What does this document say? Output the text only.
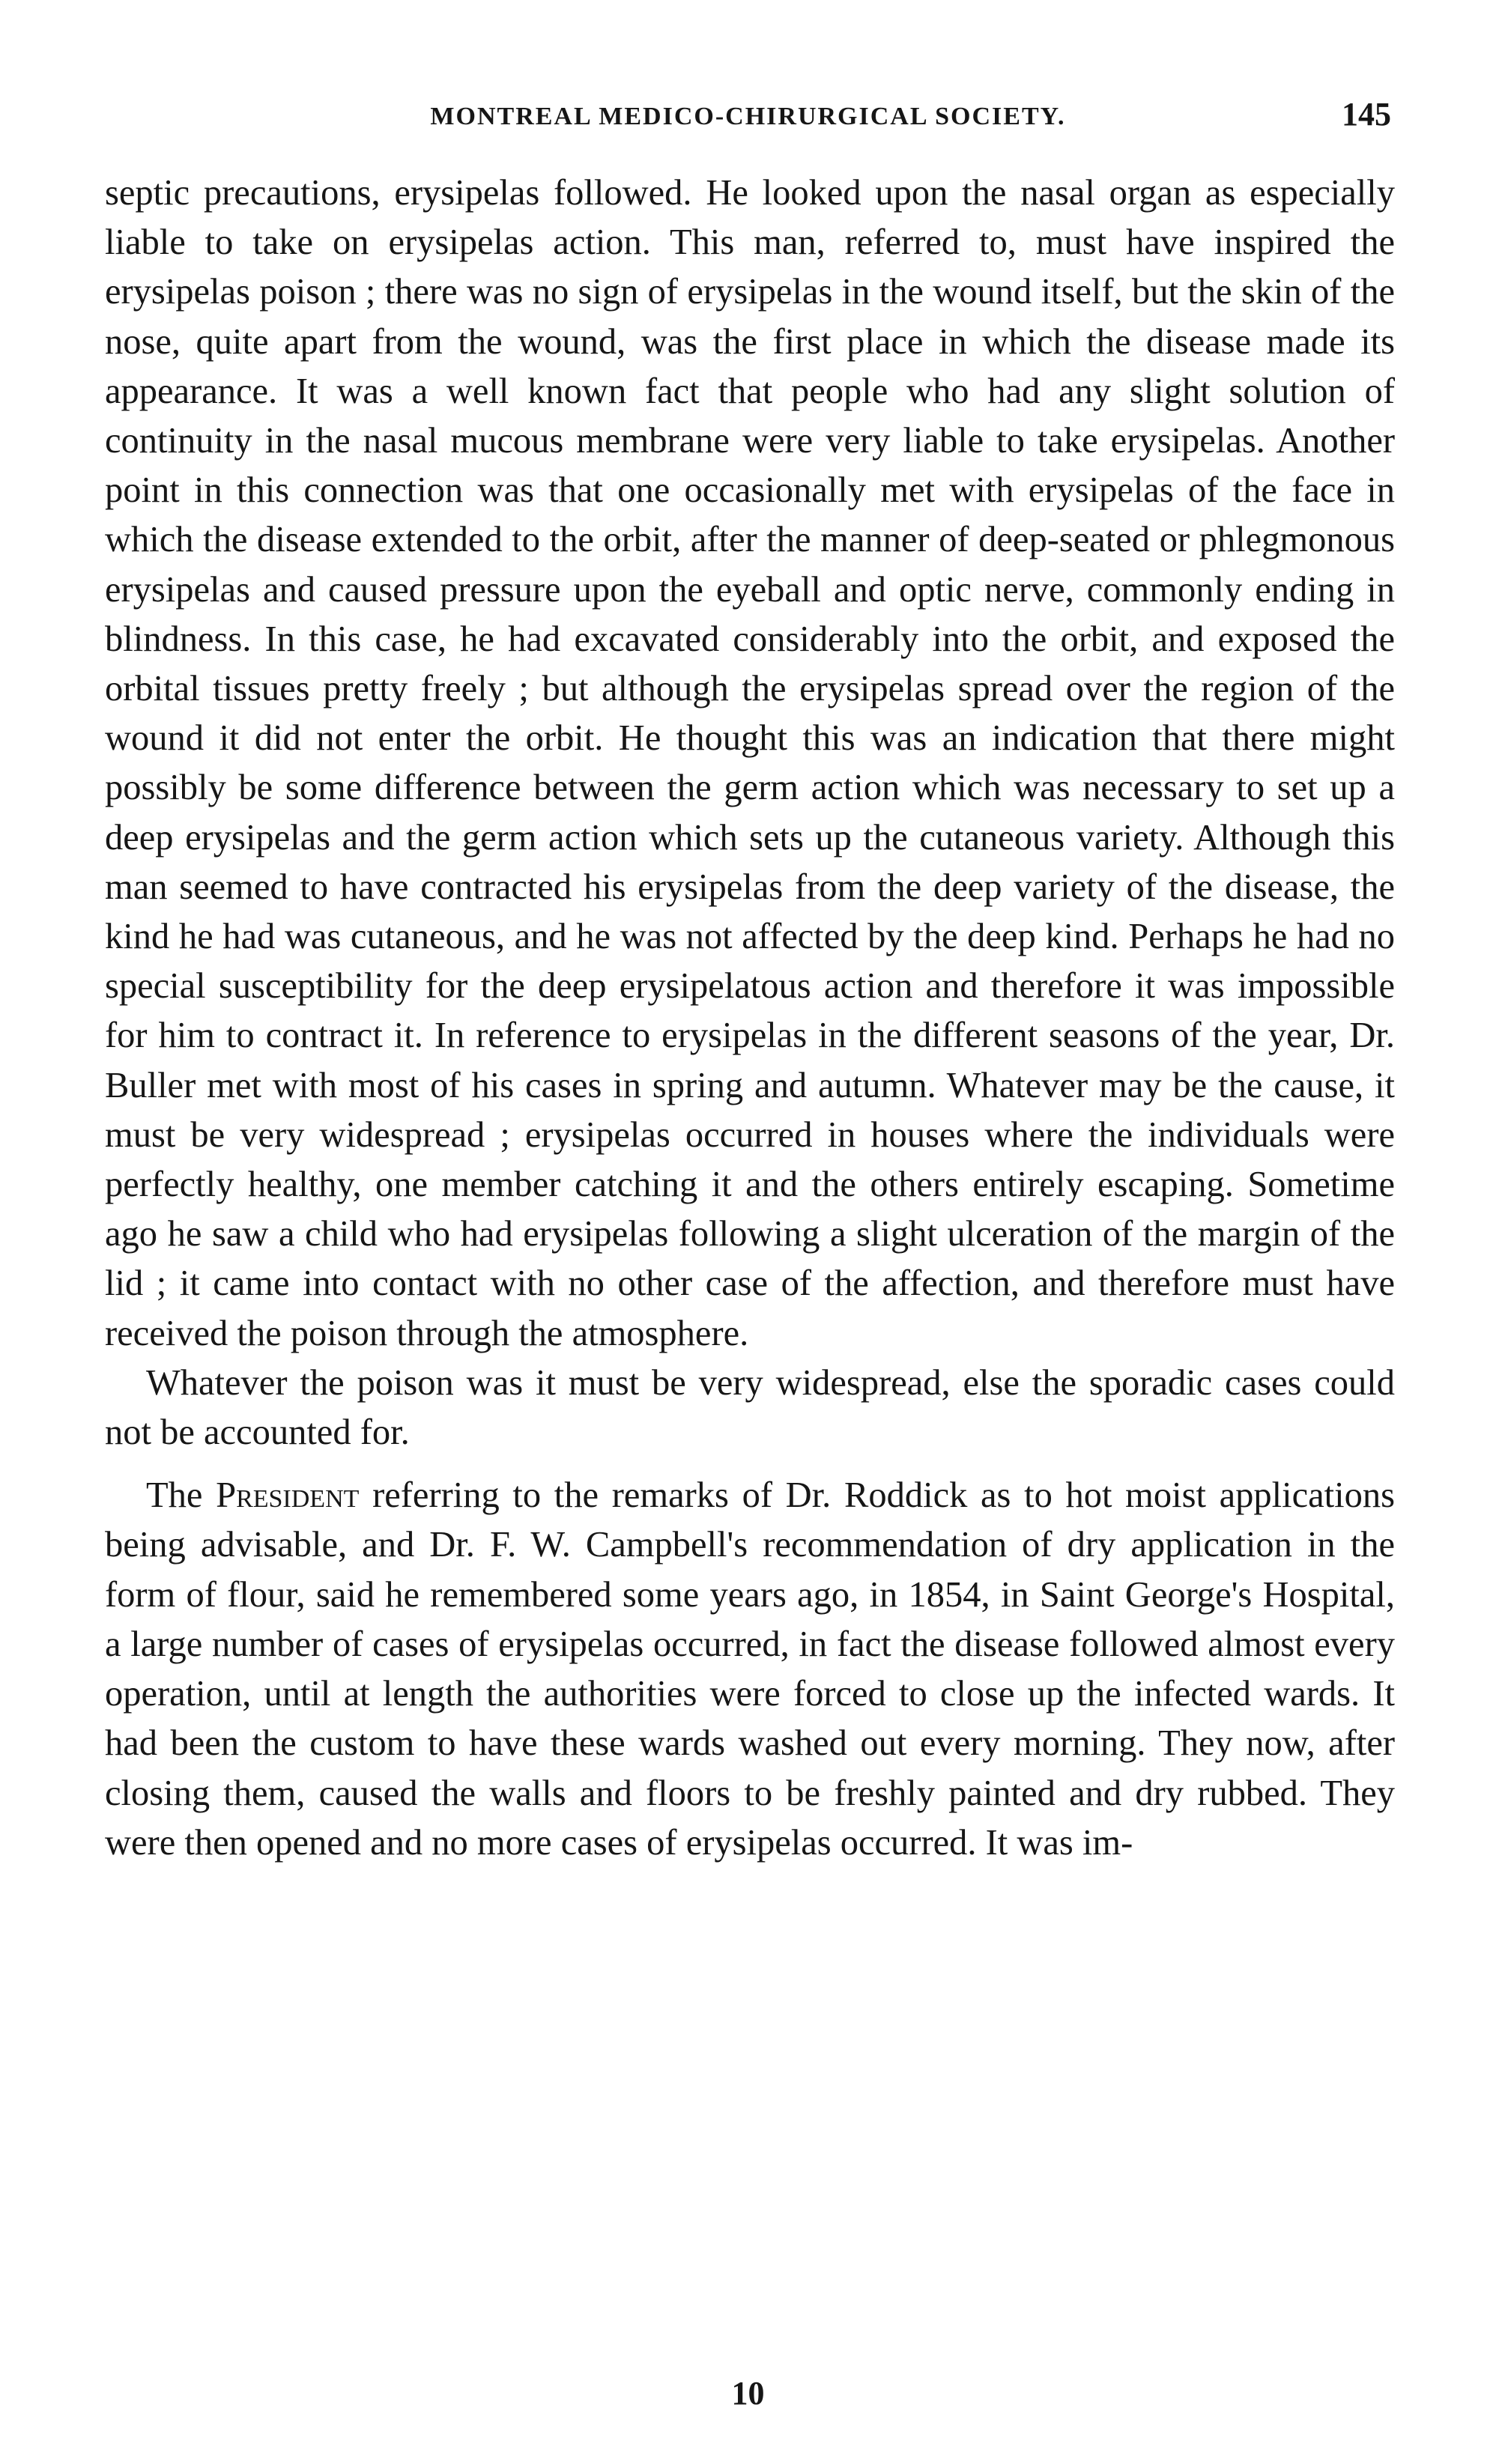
MONTREAL MEDICO-CHIRURGICAL SOCIETY.	145

septic precautions, erysipelas followed. He looked upon the nasal organ as especially liable to take on erysipelas action. This man, referred to, must have inspired the erysipelas poison ; there was no sign of erysipelas in the wound itself, but the skin of the nose, quite apart from the wound, was the first place in which the disease made its appearance. It was a well known fact that people who had any slight solution of continuity in the nasal mucous membrane were very liable to take erysipelas. Another point in this connection was that one occasionally met with erysipelas of the face in which the disease extended to the orbit, after the manner of deep-seated or phlegmonous erysipelas and caused pressure upon the eyeball and optic nerve, commonly ending in blindness. In this case, he had excavated considerably into the orbit, and exposed the orbital tissues pretty freely ; but although the erysipelas spread over the region of the wound it did not enter the orbit. He thought this was an indication that there might possibly be some difference between the germ action which was necessary to set up a deep erysipelas and the germ action which sets up the cutaneous variety. Although this man seemed to have contracted his erysipelas from the deep variety of the disease, the kind he had was cutaneous, and he was not affected by the deep kind. Perhaps he had no special susceptibility for the deep erysipelatous action and therefore it was impossible for him to contract it. In reference to erysipelas in the different seasons of the year, Dr. Buller met with most of his cases in spring and autumn. Whatever may be the cause, it must be very widespread ; erysipelas occurred in houses where the individuals were perfectly healthy, one member catching it and the others entirely escaping. Sometime ago he saw a child who had erysipelas following a slight ulceration of the margin of the lid ; it came into contact with no other case of the affection, and therefore must have received the poison through the atmosphere.

Whatever the poison was it must be very widespread, else the sporadic cases could not be accounted for.

The President referring to the remarks of Dr. Roddick as to hot moist applications being advisable, and Dr. F. W. Campbell's recommendation of dry application in the form of flour, said he remembered some years ago, in 1854, in Saint George's Hospital, a large number of cases of erysipelas occurred, in fact the disease followed almost every operation, until at length the authorities were forced to close up the infected wards. It had been the custom to have these wards washed out every morning. They now, after closing them, caused the walls and floors to be freshly painted and dry rubbed. They were then opened and no more cases of erysipelas occurred. It was im-

10
